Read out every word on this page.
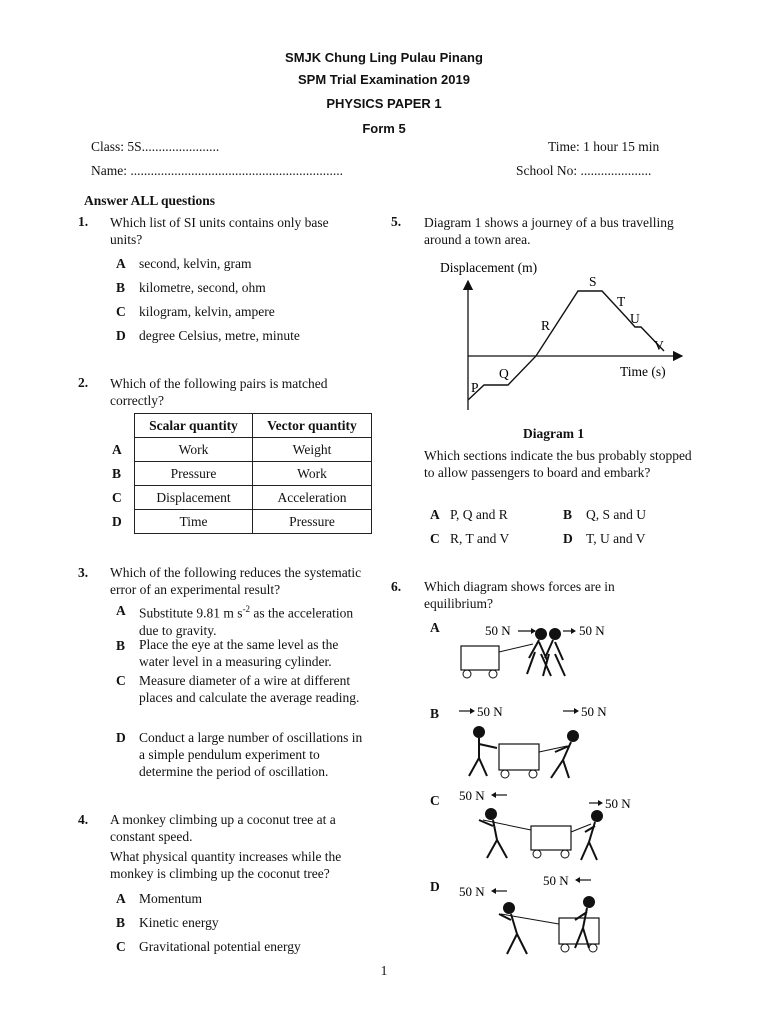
SMJK Chung Ling Pulau Pinang
SPM Trial Examination 2019
PHYSICS PAPER 1
Form 5
Class: 5S.......................	Time: 1 hour 15 min
Name: ...............................................................	School No: .....................
Answer ALL questions
1. Which list of SI units contains only base units?
A second, kelvin, gram
B kilometre, second, ohm
C kilogram, kelvin, ampere
D degree Celsius, metre, minute
2. Which of the following pairs is matched correctly?
	Scalar quantity	Vector quantity
A	Work	Weight
B	Pressure	Work
C	Displacement	Acceleration
D	Time	Pressure
3. Which of the following reduces the systematic error of an experimental result?
A Substitute 9.81 m $s^{-2}$ as the acceleration due to gravity.
B Place the eye at the same level as the water level in a measuring cylinder.
C Measure diameter of a wire at different places and calculate the average reading.
D Conduct a large number of oscillations in a simple pendulum experiment to determine the period of oscillation.
4. A monkey climbing up a coconut tree at a constant speed.
What physical quantity increases while the monkey is climbing up the coconut tree?
A Momentum
B Kinetic energy
C Gravitational potential energy
5. Diagram 1 shows a journey of a bus travelling around a town area.
Displacement (m)
Time (s)
P
Q
R
S
T
U
V
Diagram 1
Which sections indicate the bus probably stopped to allow passengers to board and embark?
A P, Q and R	B Q, S and U
C R, T and V	D T, U and V
6. Which diagram shows forces are in equilibrium?
A	50 N	50 N
B	50 N	50 N
C 50 N
50 N
D 50 N
50 N
1
